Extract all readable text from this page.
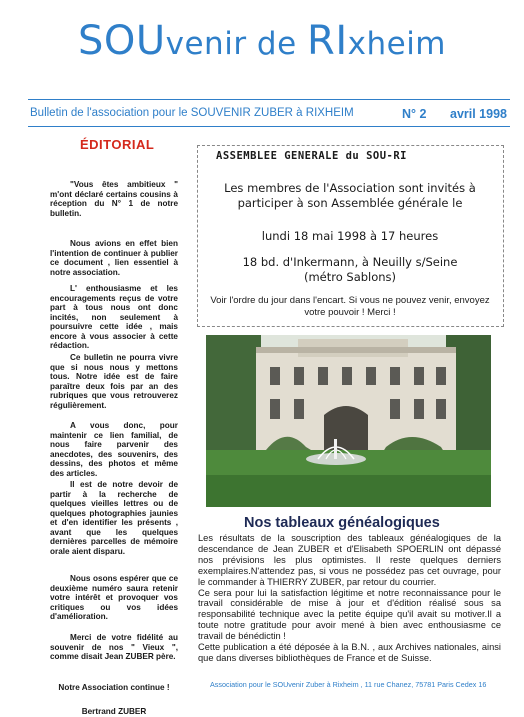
SOUvenir de RIxheim
Bulletin de l'association pour le SOUVENIR ZUBER à RIXHEIM	N° 2 avril 1998
ÉDITORIAL

"Vous êtes ambitieux " m'ont déclaré certains cousins à réception du N° 1 de notre bulletin.

Nous avions en effet bien l'intention de continuer à publier ce document , lien essentiel à notre association.

L' enthousiasme et les encouragements reçus de votre part à tous nous ont donc incités, non seulement à poursuivre cette idée , mais encore à vous associer à cette rédaction.

Ce bulletin ne pourra vivre que si nous nous y mettons tous. Notre idée est de faire paraître deux fois par an des rubriques que vous retrouverez régulièrement.

A vous donc, pour maintenir ce lien familial, de nous faire parvenir des anecdotes, des souvenirs, des dessins, des photos et même des articles.

Il est de notre devoir de partir à la recherche de quelques vieilles lettres ou de quelques photographies jaunies et d'en identifier les présents , avant que les quelques dernières parcelles de mémoire orale aient disparu.

Nous osons espérer que ce deuxième numéro saura retenir votre intérêt et provoquer vos critiques ou vos idées d'amélioration.

Merci de votre fidélité au souvenir de nos " Vieux ", comme disait Jean ZUBER père.

Notre Association continue !

Bertrand ZUBER

ASSEMBLEE GENERALE du SOU-RI
Les membres de l'Association sont invités à participer à son Assemblée générale le
lundi 18 mai 1998 à 17 heures
18 bd. d'Inkermann, à Neuilly s/Seine
(métro Sablons)
Voir l'ordre du jour dans l'encart. Si vous ne pouvez venir, envoyez votre pouvoir ! Merci !
Nos tableaux généalogiques

Les résultats de la souscription des tableaux généalogiques de la descendance de Jean ZUBER et d'Elisabeth SPOERLIN ont dépassé nos prévisions les plus optimistes. Il reste quelques derniers exemplaires.N'attendez pas, si vous ne possédez pas cet ouvrage, pour le commander à THIERRY ZUBER, par retour du courrier.

Ce sera pour lui la satisfaction légitime et notre reconnaissance pour le travail considérable de mise à jour et d'édition réalisé sous sa responsabilité technique avec la petite équipe qu'il avait su motiver.Il a toute notre gratitude pour avoir mené à bien avec enthousiasme ce travail de bénédictin !

Cette publication a été déposée à la B.N. , aux Archives nationales, ainsi que dans diverses bibliothèques de France et de Suisse.

Association pour le SOUvenir Zuber à Rixheim , 11 rue Chanez, 75781 Paris Cedex 16
